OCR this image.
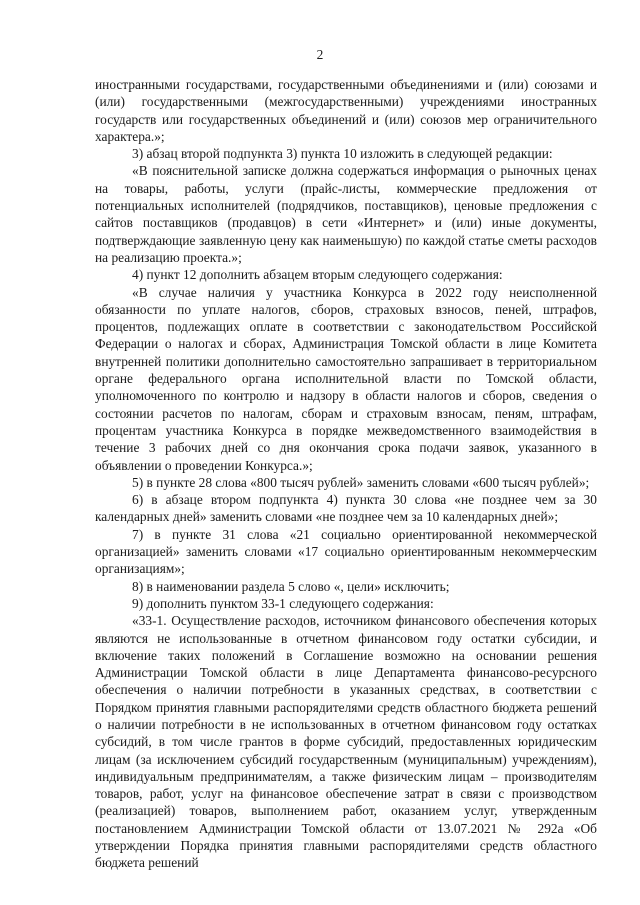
2

иностранными государствами, государственными объединениями и (или) союзами и (или) государственными (межгосударственными) учреждениями иностранных государств или государственных объединений и (или) союзов мер ограничительного характера.»;

3) абзац второй подпункта 3) пункта 10 изложить в следующей редакции:

«В пояснительной записке должна содержаться информация о рыночных ценах на товары, работы, услуги (прайс-листы, коммерческие предложения от потенциальных исполнителей (подрядчиков, поставщиков), ценовые предложения с сайтов поставщиков (продавцов) в сети «Интернет» и (или) иные документы, подтверждающие заявленную цену как наименьшую) по каждой статье сметы расходов на реализацию проекта.»;

4) пункт 12 дополнить абзацем вторым следующего содержания:

«В случае наличия у участника Конкурса в 2022 году неисполненной обязанности по уплате налогов, сборов, страховых взносов, пеней, штрафов, процентов, подлежащих оплате в соответствии с законодательством Российской Федерации о налогах и сборах, Администрация Томской области в лице Комитета внутренней политики дополнительно самостоятельно запрашивает в территориальном органе федерального органа исполнительной власти по Томской области, уполномоченного по контролю и надзору в области налогов и сборов, сведения о состоянии расчетов по налогам, сборам и страховым взносам, пеням, штрафам, процентам участника Конкурса в порядке межведомственного взаимодействия в течение 3 рабочих дней со дня окончания срока подачи заявок, указанного в объявлении о проведении Конкурса.»;

5) в пункте 28 слова «800 тысяч рублей» заменить словами «600 тысяч рублей»;

6) в абзаце втором подпункта 4) пункта 30 слова «не позднее чем за 30 календарных дней» заменить словами «не позднее чем за 10 календарных дней»;

7) в пункте 31 слова «21 социально ориентированной некоммерческой организацией» заменить словами «17 социально ориентированным некоммерческим организациям»;

8) в наименовании раздела 5 слово «, цели» исключить;

9) дополнить пунктом 33-1 следующего содержания:

«33-1. Осуществление расходов, источником финансового обеспечения которых являются не использованные в отчетном финансовом году остатки субсидии, и включение таких положений в Соглашение возможно на основании решения Администрации Томской области в лице Департамента финансово-ресурсного обеспечения о наличии потребности в указанных средствах, в соответствии с Порядком принятия главными распорядителями средств областного бюджета решений о наличии потребности в не использованных в отчетном финансовом году остатках субсидий, в том числе грантов в форме субсидий, предоставленных юридическим лицам (за исключением субсидий государственным (муниципальным) учреждениям), индивидуальным предпринимателям, а также физическим лицам – производителям товаров, работ, услуг на финансовое обеспечение затрат в связи с производством (реализацией) товаров, выполнением работ, оказанием услуг, утвержденным постановлением Администрации Томской области от 13.07.2021 № 292а «Об утверждении Порядка принятия главными распорядителями средств областного бюджета решений
